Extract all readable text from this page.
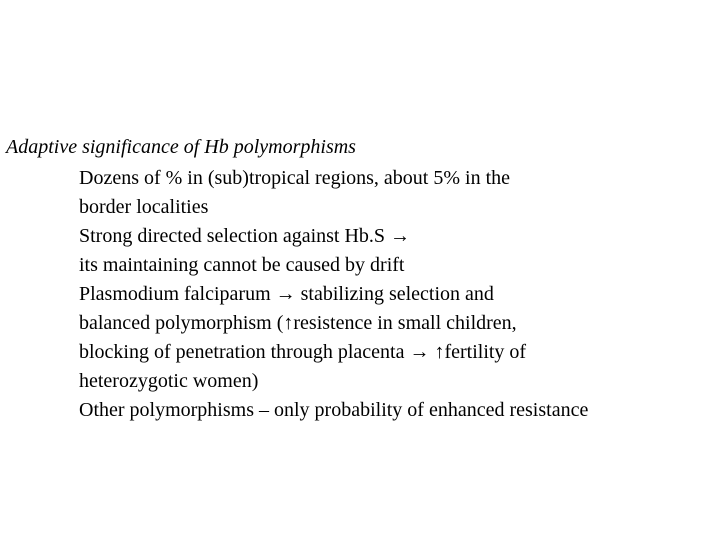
Adaptive significance of Hb polymorphisms
Dozens of % in (sub)tropical regions, about 5% in the
border localities
Strong directed selection against Hb.S →
its maintaining cannot be caused by drift
Plasmodium falciparum → stabilizing selection and
balanced polymorphism (↑resistence in small children,
blocking of penetration through placenta → ↑fertility of
heterozygotic women)
Other polymorphisms – only probability of enhanced resistance
